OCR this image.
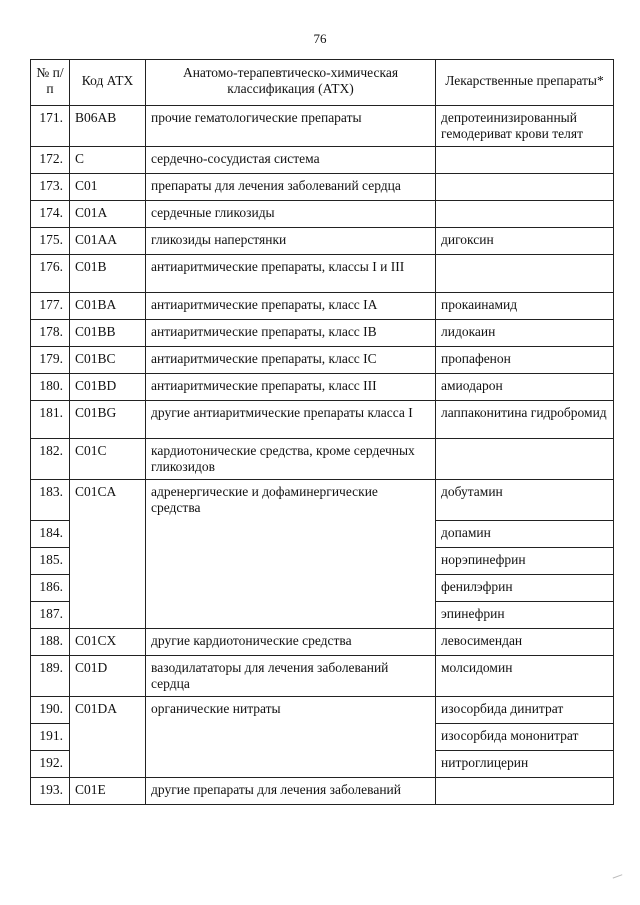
76
№ п/п	Код АТХ	Анатомо-терапевтическо-химическая классификация (АТХ)	Лекарственные препараты*
171.	B06AB	прочие гематологические препараты	депротеинизированный гемодериват крови телят
172.	C	сердечно-сосудистая система	
173.	C01	препараты для лечения заболеваний сердца	
174.	C01A	сердечные гликозиды	
175.	C01AA	гликозиды наперстянки	дигоксин
176.	C01B	антиаритмические препараты, классы I и III	
177.	C01BA	антиаритмические препараты, класс IA	прокаинамид
178.	C01BB	антиаритмические препараты, класс IB	лидокаин
179.	C01BC	антиаритмические препараты, класс IC	пропафенон
180.	C01BD	антиаритмические препараты, класс III	амиодарон
181.	C01BG	другие антиаритмические препараты класса I	лаппаконитина гидробромид
182.	C01C	кардиотонические средства, кроме сердечных гликозидов	
183.	C01CA	адренергические и дофаминергические средства	добутамин
184.			допамин
185.			норэпинефрин
186.			фенилэфрин
187.			эпинефрин
188.	C01CX	другие кардиотонические средства	левосимендан
189.	C01D	вазодилататоры для лечения заболеваний сердца	молсидомин
190.	C01DA	органические нитраты	изосорбида динитрат
191.			изосорбида мононитрат
192.			нитроглицерин
193.	C01E	другие препараты для лечения заболеваний	
